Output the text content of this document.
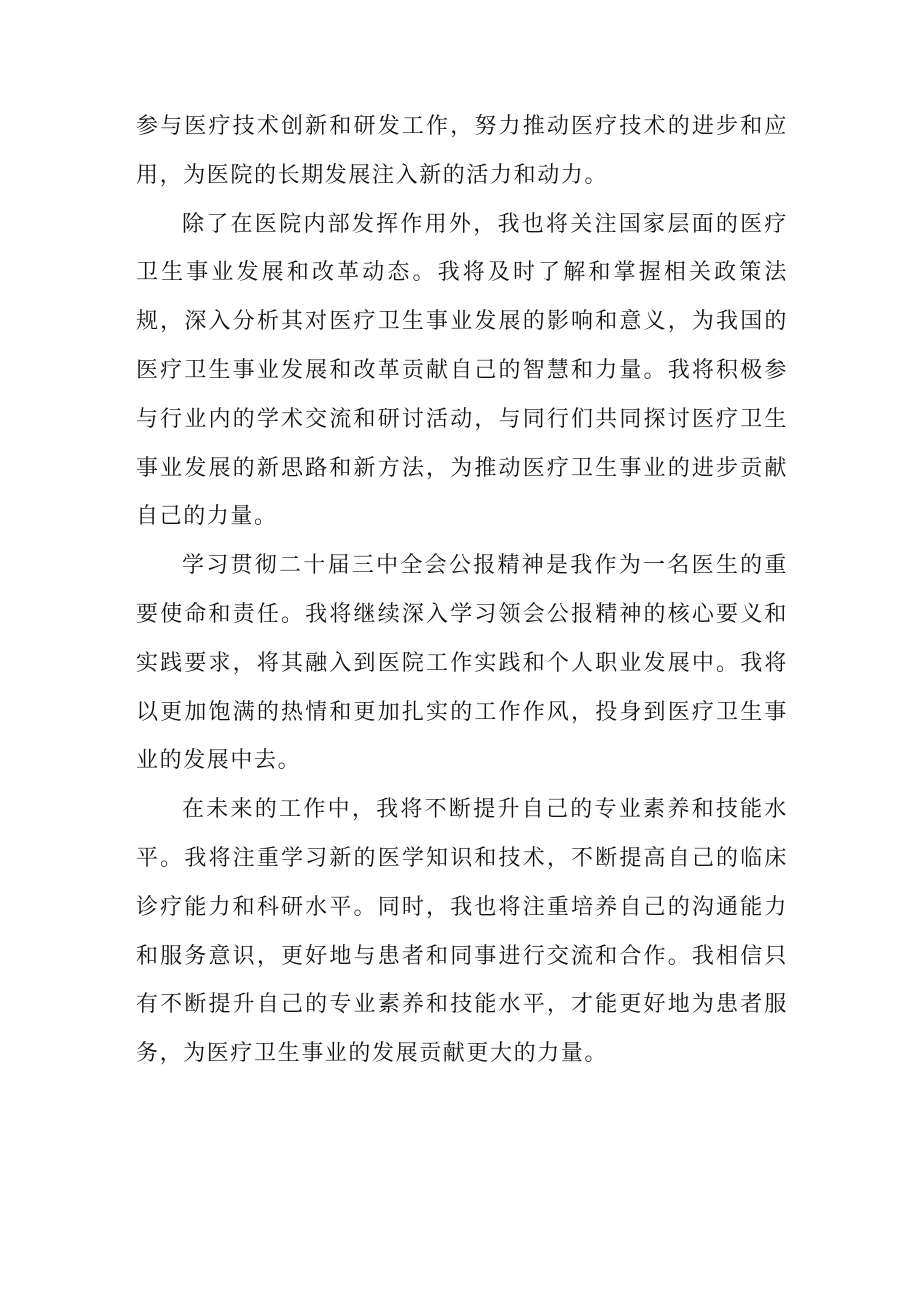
参与医疗技术创新和研发工作，努力推动医疗技术的进步和应用，为医院的长期发展注入新的活力和动力。

除了在医院内部发挥作用外，我也将关注国家层面的医疗卫生事业发展和改革动态。我将及时了解和掌握相关政策法规，深入分析其对医疗卫生事业发展的影响和意义，为我国的医疗卫生事业发展和改革贡献自己的智慧和力量。我将积极参与行业内的学术交流和研讨活动，与同行们共同探讨医疗卫生事业发展的新思路和新方法，为推动医疗卫生事业的进步贡献自己的力量。

学习贯彻二十届三中全会公报精神是我作为一名医生的重要使命和责任。我将继续深入学习领会公报精神的核心要义和实践要求，将其融入到医院工作实践和个人职业发展中。我将以更加饱满的热情和更加扎实的工作作风，投身到医疗卫生事业的发展中去。

在未来的工作中，我将不断提升自己的专业素养和技能水平。我将注重学习新的医学知识和技术，不断提高自己的临床诊疗能力和科研水平。同时，我也将注重培养自己的沟通能力和服务意识，更好地与患者和同事进行交流和合作。我相信只有不断提升自己的专业素养和技能水平，才能更好地为患者服务，为医疗卫生事业的发展贡献更大的力量。
